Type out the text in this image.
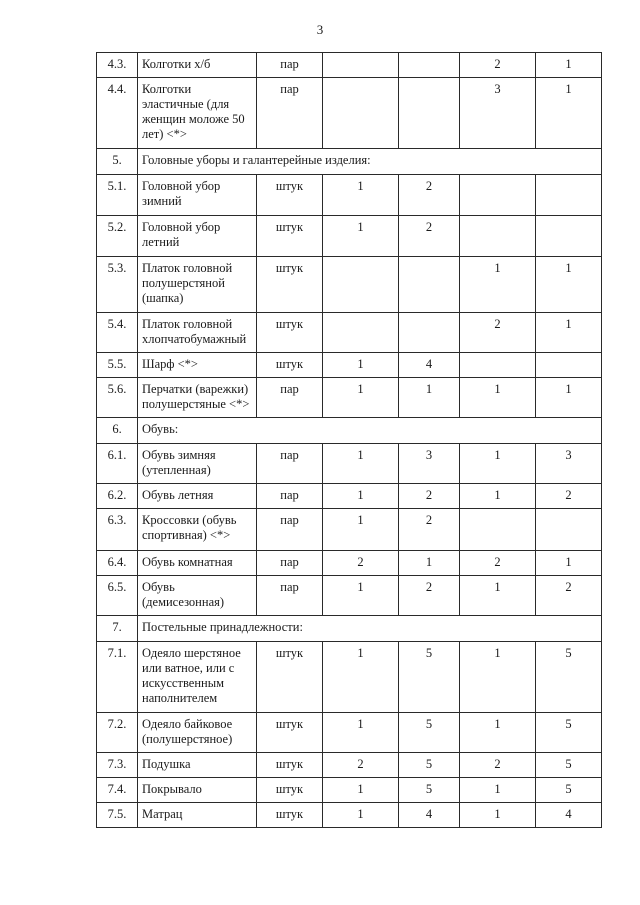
3
4.3.	Колготки х/б	пар			2	1
4.4.	Колготки эластичные (для женщин моложе 50 лет) <*>	пар			3	1
5.	Головные уборы и галантерейные изделия:					
5.1.	Головной убор зимний	штук	1	2		
5.2.	Головной убор летний	штук	1	2		
5.3.	Платок головной полушерстяной (шапка)	штук			1	1
5.4.	Платок головной хлопчатобумажный	штук			2	1
5.5.	Шарф <*>	штук	1	4		
5.6.	Перчатки (варежки) полушерстяные <*>	пар	1	1	1	1
6.	Обувь:					
6.1.	Обувь зимняя (утепленная)	пар	1	3	1	3
6.2.	Обувь летняя	пар	1	2	1	2
6.3.	Кроссовки (обувь спортивная) <*>	пар	1	2		
6.4.	Обувь комнатная	пар	2	1	2	1
6.5.	Обувь (демисезонная)	пар	1	2	1	2
7.	Постельные принадлежности:					
7.1.	Одеяло шерстяное или ватное, или с искусственным наполнителем	штук	1	5	1	5
7.2.	Одеяло байковое (полушерстяное)	штук	1	5	1	5
7.3.	Подушка	штук	2	5	2	5
7.4.	Покрывало	штук	1	5	1	5
7.5.	Матрац	штук	1	4	1	4
